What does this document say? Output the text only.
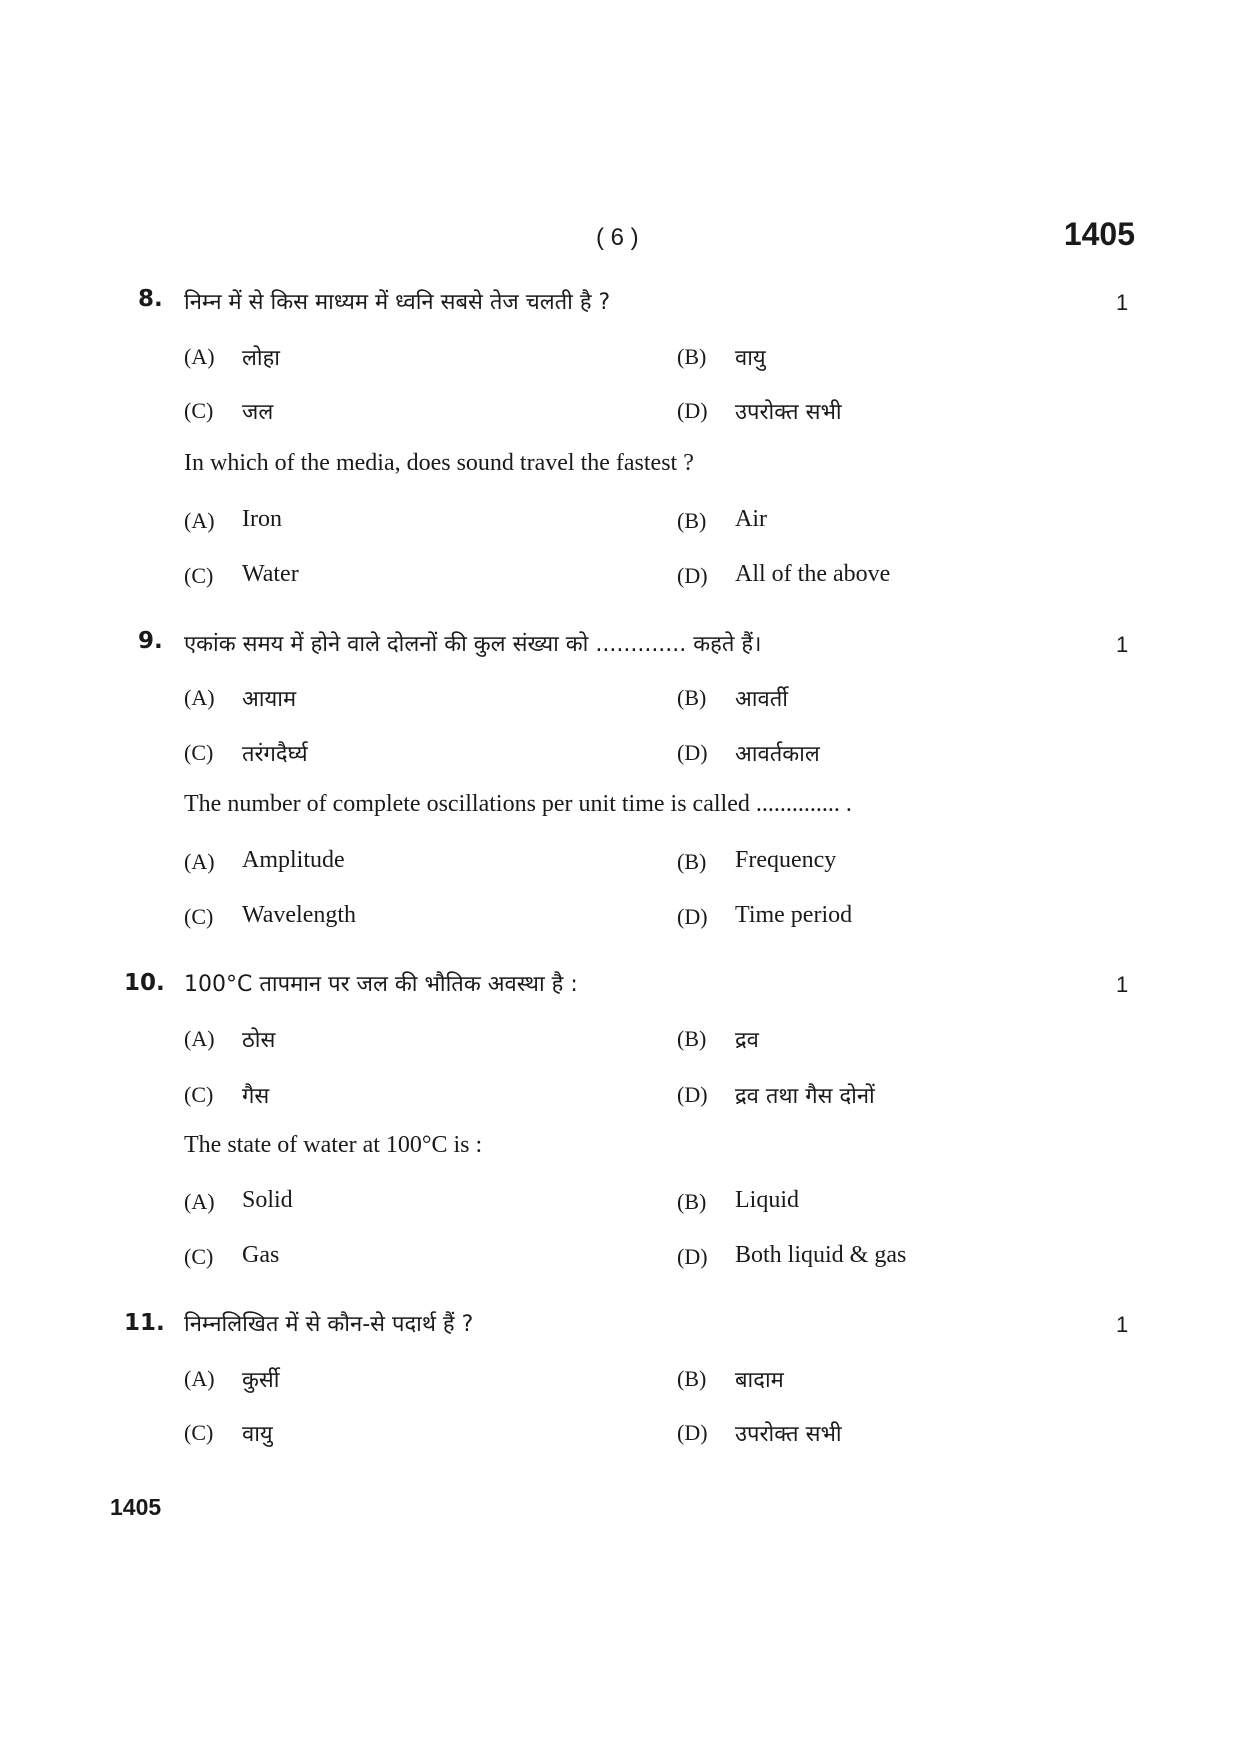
( 6 )	1405
8. निम्न में से किस माध्यम में ध्वनि सबसे तेज चलती है ?	1
(A) लोहा	(B) वायु
(C) जल	(D) उपरोक्त सभी
In which of the media, does sound travel the fastest ?
(A) Iron	(B) Air
(C) Water	(D) All of the above
9. एकांक समय में होने वाले दोलनों की कुल संख्या को ............. कहते हैं।	1
(A) आयाम	(B) आवर्ती
(C) तरंगदैर्घ्य	(D) आवर्तकाल
The number of complete oscillations per unit time is called .............. .
(A) Amplitude	(B) Frequency
(C) Wavelength	(D) Time period
10. 100°C तापमान पर जल की भौतिक अवस्था है :	1
(A) ठोस	(B) द्रव
(C) गैस	(D) द्रव तथा गैस दोनों
The state of water at 100°C is :
(A) Solid	(B) Liquid
(C) Gas	(D) Both liquid & gas
11. निम्नलिखित में से कौन-से पदार्थ हैं ?	1
(A) कुर्सी	(B) बादाम
(C) वायु	(D) उपरोक्त सभी
1405
